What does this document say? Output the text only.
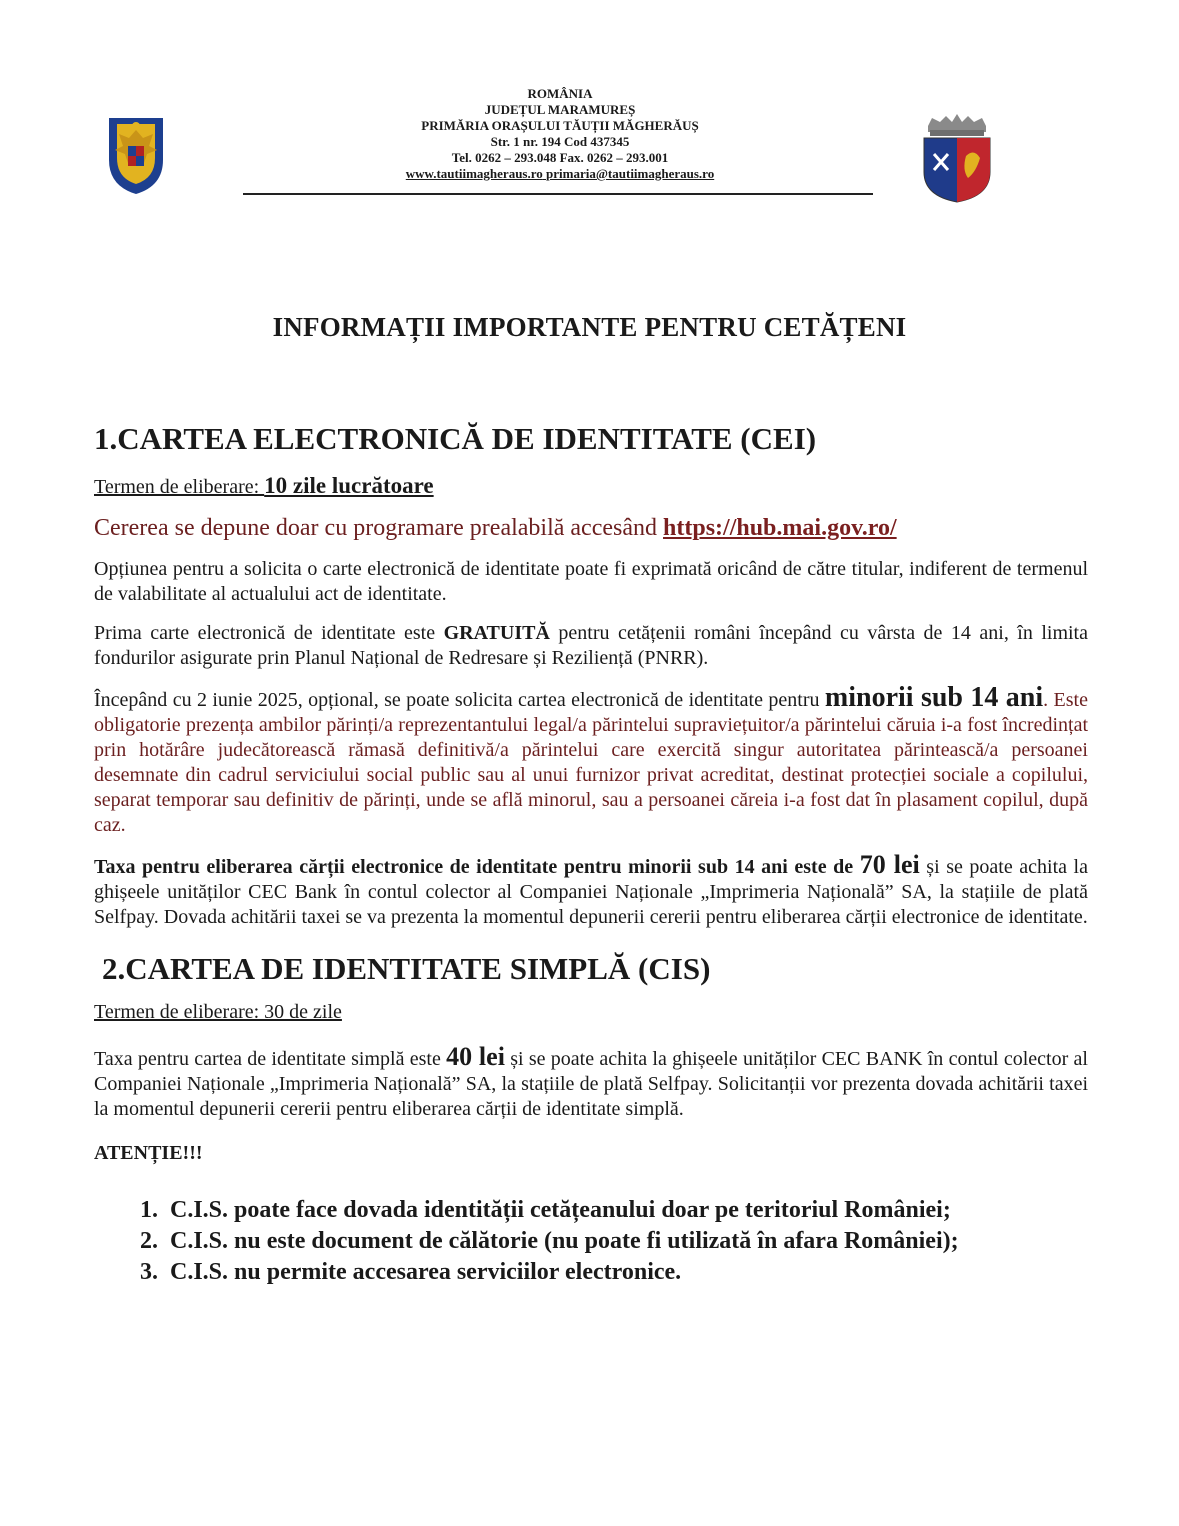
ROMÂNIA
JUDEȚUL MARAMUREȘ
PRIMĂRIA ORAȘULUI TĂUȚII MĂGHERĂUȘ
Str. 1 nr. 194 Cod 437345
Tel. 0262 – 293.048 Fax. 0262 – 293.001
www.tautiimagheraus.ro primaria@tautiimagheraus.ro
INFORMAȚII IMPORTANTE PENTRU CETĂȚENI
1.CARTEA ELECTRONICĂ DE IDENTITATE (CEI)
Termen de eliberare: 10 zile lucrătoare
Cererea se depune doar cu programare prealabilă accesând https://hub.mai.gov.ro/

Opțiunea pentru a solicita o carte electronică de identitate poate fi exprimată oricând de către titular, indiferent de termenul de valabilitate al actualului act de identitate.

Prima carte electronică de identitate este GRATUITĂ pentru cetățenii români începând cu vârsta de 14 ani, în limita fondurilor asigurate prin Planul Național de Redresare și Reziliență (PNRR).

Începând cu 2 iunie 2025, opțional, se poate solicita cartea electronică de identitate pentru minorii sub 14 ani. Este obligatorie prezența ambilor părinți/a reprezentantului legal/a părintelui supraviețuitor/a părintelui căruia i-a fost încredințat prin hotărâre judecătorească rămasă definitivă/a părintelui care exercită singur autoritatea părintească/a persoanei desemnate din cadrul serviciului social public sau al unui furnizor privat acreditat, destinat protecției sociale a copilului, separat temporar sau definitiv de părinți, unde se află minorul, sau a persoanei căreia i-a fost dat în plasament copilul, după caz.

Taxa pentru eliberarea cărții electronice de identitate pentru minorii sub 14 ani este de 70 lei și se poate achita la ghișeele unităților CEC Bank în contul colector al Companiei Naționale „Imprimeria Națională” SA, la stațiile de plată Selfpay. Dovada achitării taxei se va prezenta la momentul depunerii cererii pentru eliberarea cărții electronice de identitate.

2.CARTEA DE IDENTITATE SIMPLĂ (CIS)
Termen de eliberare: 30 de zile

Taxa pentru cartea de identitate simplă este 40 lei și se poate achita la ghișeele unităților CEC BANK în contul colector al Companiei Naționale „Imprimeria Națională” SA, la stațiile de plată Selfpay. Solicitanții vor prezenta dovada achitării taxei la momentul depunerii cererii pentru eliberarea cărții de identitate simplă.

ATENȚIE!!!
1. C.I.S. poate face dovada identității cetățeanului doar pe teritoriul României;
2. C.I.S. nu este document de călătorie (nu poate fi utilizată în afara României);
3. C.I.S. nu permite accesarea serviciilor electronice.
